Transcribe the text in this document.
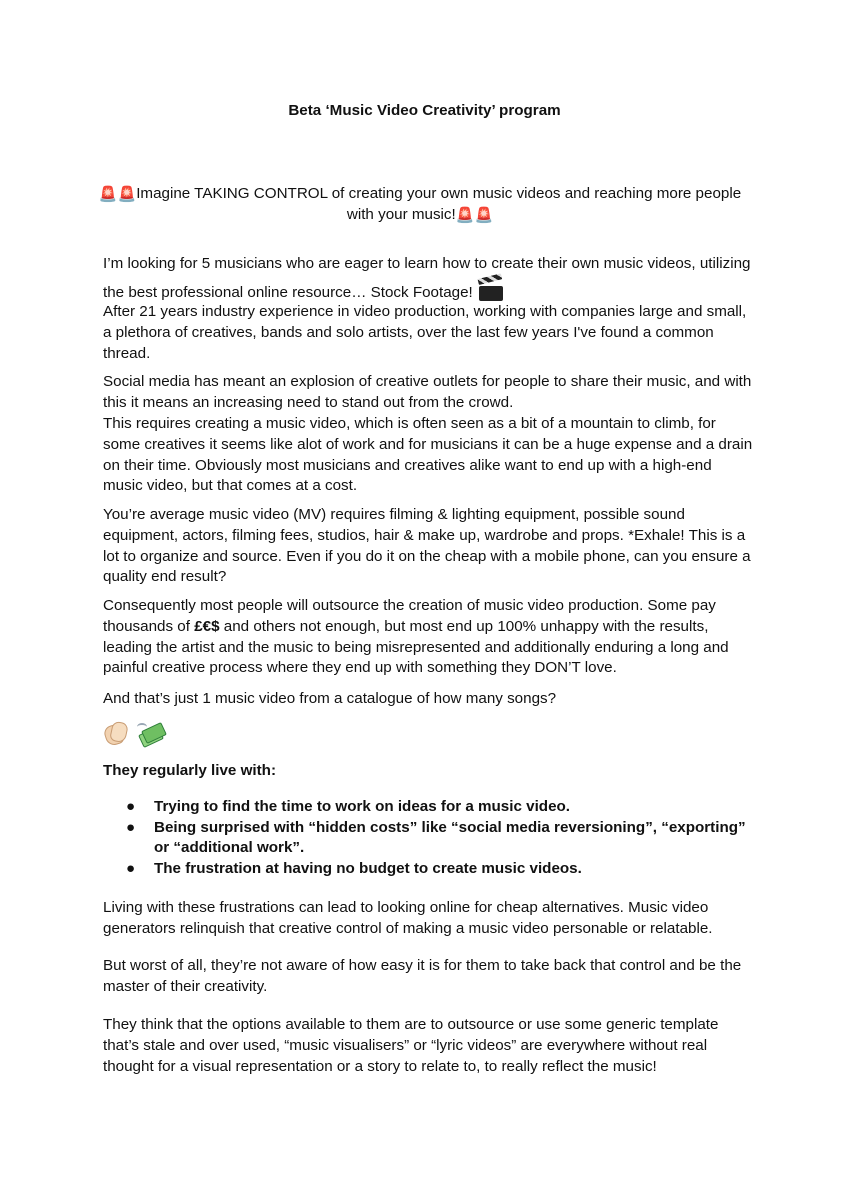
Beta ‘Music Video Creativity’ program

🚨🚨Imagine TAKING CONTROL of creating your own music videos and reaching more people with your music!🚨🚨

I’m looking for 5 musicians who are eager to learn how to create their own music videos, utilizing the best professional online resource… Stock Footage!

After 21 years industry experience in video production, working with companies large and small, a plethora of creatives, bands and solo artists, over the last few years I've found a common thread.

Social media has meant an explosion of creative outlets for people to share their music, and with this it means an increasing need to stand out from the crowd.

This requires creating a music video, which is often seen as a bit of a mountain to climb, for some creatives it seems like alot of work and for musicians it can be a huge expense and a drain on their time. Obviously most musicians and creatives alike want to end up with a high-end music video, but that comes at a cost.

You’re average music video (MV) requires filming & lighting equipment, possible sound equipment, actors, filming fees, studios, hair & make up, wardrobe and props. *Exhale! This is a lot to organize and source. Even if you do it on the cheap with a mobile phone, can you ensure a quality end result?

Consequently most people will outsource the creation of music video production. Some pay thousands of £€$ and others not enough, but most end up 100% unhappy with the results, leading the artist and the music to being misrepresented and additionally enduring a long and painful creative process where they end up with something they DON’T love.

And that’s just 1 music video from a catalogue of how many songs?

They regularly live with:

● Trying to find the time to work on ideas for a music video.
● Being surprised with “hidden costs” like “social media reversioning”, “exporting” or “additional work”.
● The frustration at having no budget to create music videos.

Living with these frustrations can lead to looking online for cheap alternatives. Music video generators relinquish that creative control of making a music video personable or relatable.

But worst of all, they’re not aware of how easy it is for them to take back that control and be the master of their creativity.

They think that the options available to them are to outsource or use some generic template that’s stale and over used, “music visualisers” or “lyric videos” are everywhere without real thought for a visual representation or a story to relate to, to really reflect the music!
